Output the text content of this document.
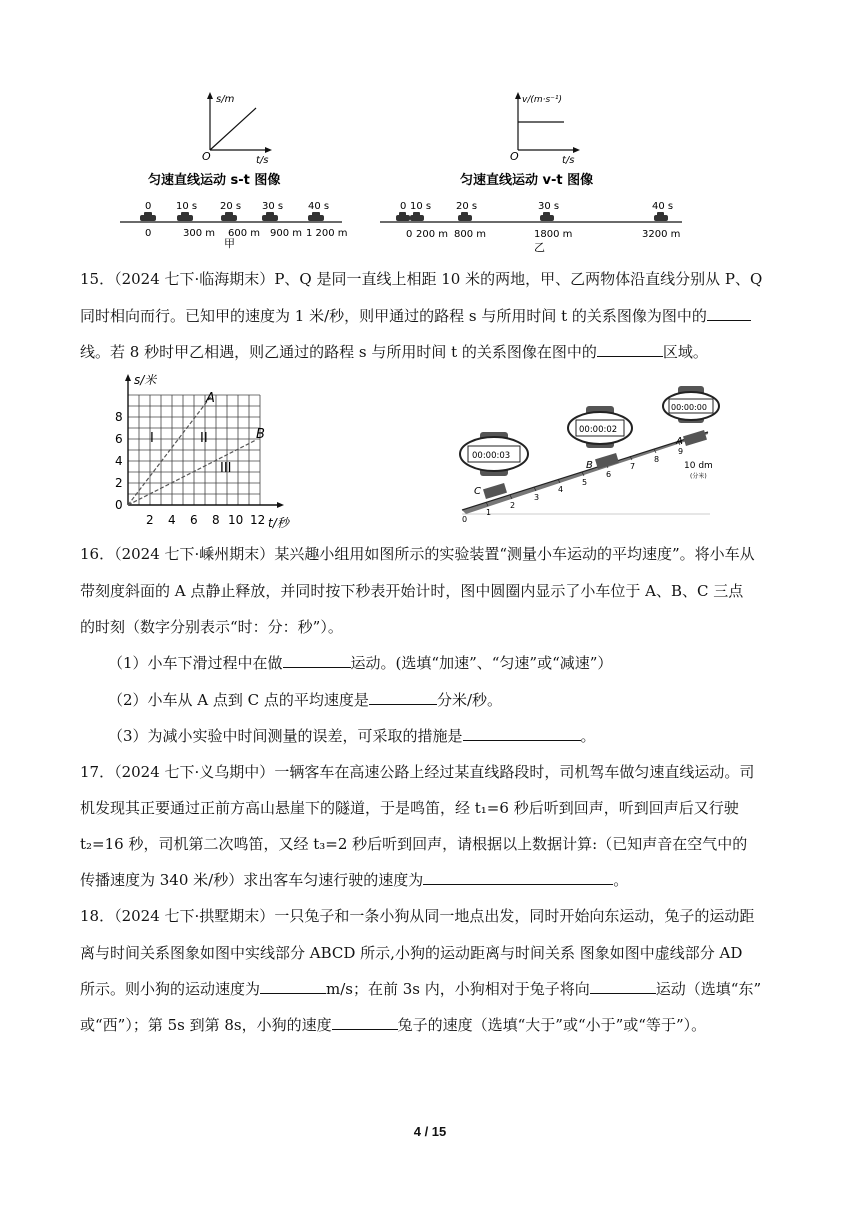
s/m
t/s
O
匀速直线运动 s-t 图像
v/(m·s⁻¹)
t/s
O
匀速直线运动 v-t 图像
0 10 s 20 s 30 s 40 s
0	300 m 600 m 900 m 1 200 m
甲
0 10 s 20 s	30 s	40 s
0 200 m 800 m	1800 m	3200 m
乙
15．（2024 七下·临海期末）P、Q 是同一直线上相距 10 米的两地，甲、乙两物体沿直线分别从 P、Q
同时相向而行。已知甲的速度为 1 米/秒，则甲通过的路程 s 与所用时间 t 的关系图像为图中的
线。若 8 秒时甲乙相遇，则乙通过的路程 s 与所用时间 t 的关系图像在图中的	区域。
s/米
t/秒
0
2
4
6
8
2 4 6 8 10 12
A
B
I	II
III
0
1
2
3
4
5
6
7
8
9
10 dm
(分米)
C
B
A
00:00:03
00:00:02
00:00:00
16．（2024 七下·嵊州期末）某兴趣小组用如图所示的实验装置“测量小车运动的平均速度”。将小车从
带刻度斜面的 A 点静止释放，并同时按下秒表开始计时，图中圆圈内显示了小车位于 A、B、C 三点
的时刻（数字分别表示“时：分：秒”）。
（1）小车下滑过程中在做	运动。(选填“加速”、“匀速”或“减速”）
（2）小车从 A 点到 C 点的平均速度是	分米/秒。
（3）为减小实验中时间测量的误差，可采取的措施是	。
17．（2024 七下·义乌期中）一辆客车在高速公路上经过某直线路段时，司机驾车做匀速直线运动。司
机发现其正要通过正前方高山悬崖下的隧道，于是鸣笛，经 t₁=6 秒后听到回声，听到回声后又行驶
t₂=16 秒，司机第二次鸣笛，又经 t₃=2 秒后听到回声，请根据以上数据计算:（已知声音在空气中的
传播速度为 340 米/秒）求出客车匀速行驶的速度为	。
18．（2024 七下·拱墅期末）一只兔子和一条小狗从同一地点出发，同时开始向东运动，兔子的运动距
离与时间关系图象如图中实线部分 ABCD 所示,小狗的运动距离与时间关系 图象如图中虚线部分 AD
所示。则小狗的运动速度为	m/s；在前 3s 内，小狗相对于兔子将向	运动（选填“东”
或“西”）；第 5s 到第 8s，小狗的速度	兔子的速度（选填“大于”或“小于”或“等于”）。
4 / 15
